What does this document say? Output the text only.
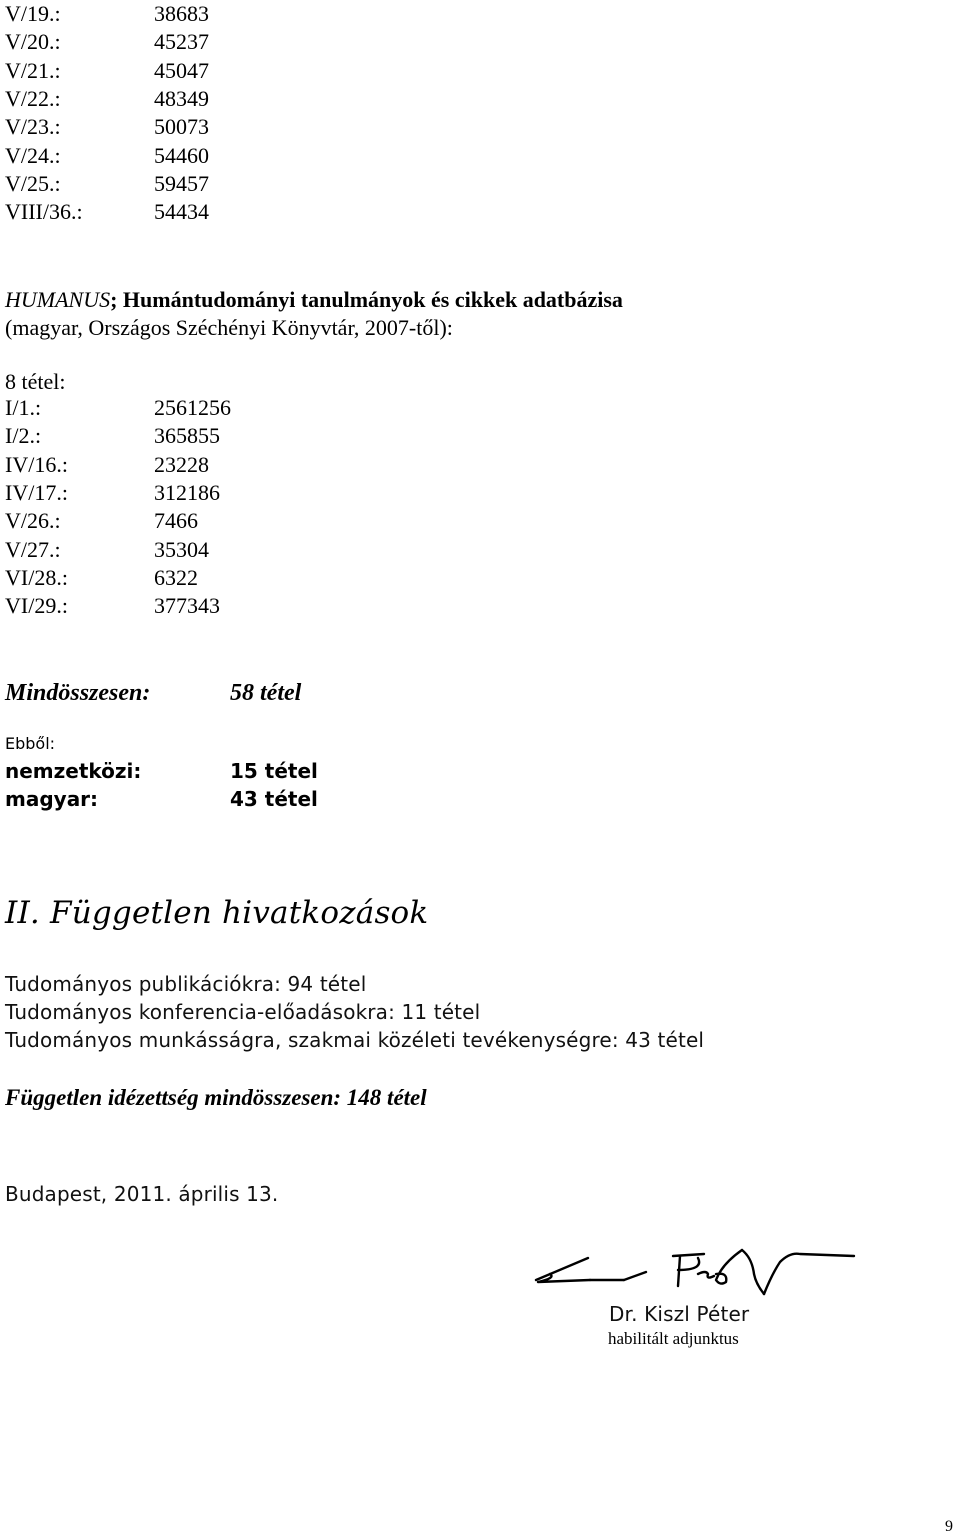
V/19.:	38683
V/20.:	45237
V/21.:	45047
V/22.:	48349
V/23.:	50073
V/24.:	54460
V/25.:	59457
VIII/36.:	54434
HUMANUS; Humántudományi tanulmányok és cikkek adatbázisa
(magyar, Országos Széchényi Könyvtár, 2007-től):
8 tétel:
I/1.:	2561256
I/2.:	365855
IV/16.:	23228
IV/17.:	312186
V/26.:	7466
V/27.:	35304
VI/28.:	6322
VI/29.:	377343
Mindösszesen:	58 tétel
Ebből:
nemzetközi:	15 tétel
magyar:	43 tétel
II. Független hivatkozások
Tudományos publikációkra: 94 tétel
Tudományos konferencia-előadásokra: 11 tétel
Tudományos munkásságra, szakmai közéleti tevékenységre: 43 tétel
Független idézettség mindösszesen: 148 tétel
Budapest, 2011. április 13.
Dr. Kiszl Péter
habilitált adjunktus
9
